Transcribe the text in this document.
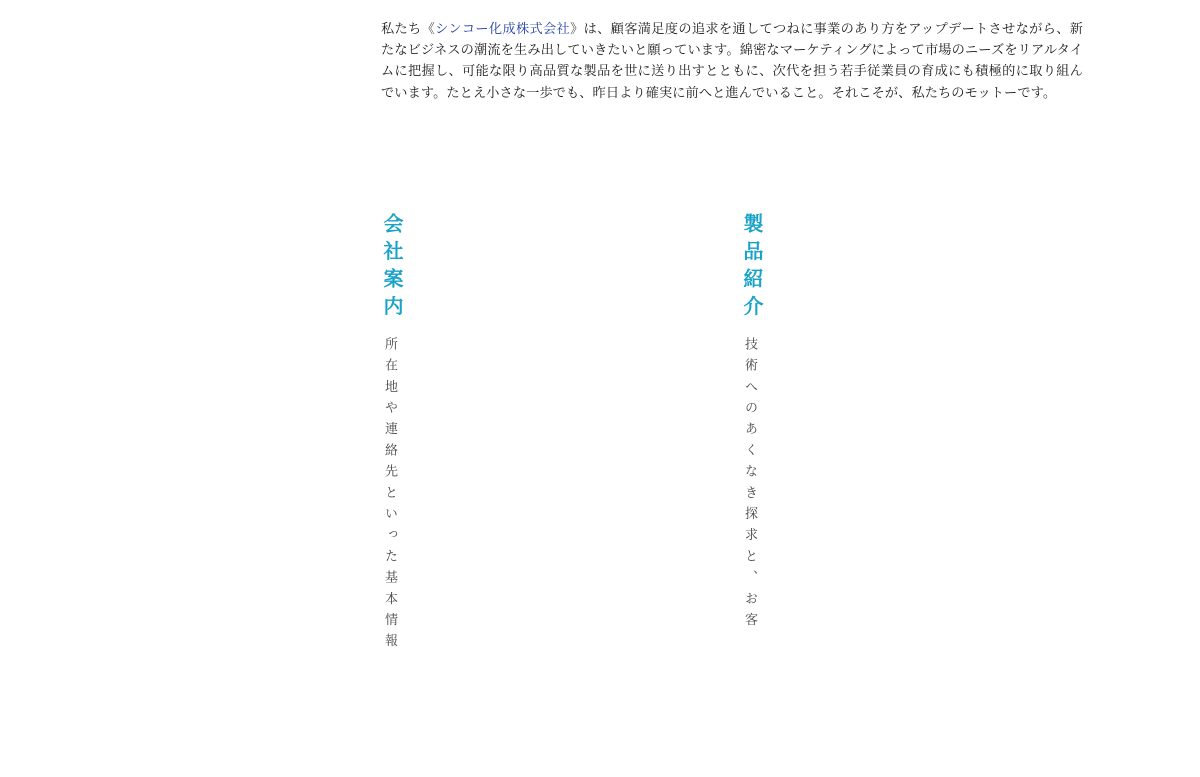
私たち《シンコー化成株式会社》は、顧客満足度の追求を通してつねに事業のあり方をアップデートさせながら、新たなビジネスの潮流を生み出していきたいと願っています。綿密なマーケティングによって市場のニーズをリアルタイムに把握し、可能な限り高品質な製品を世に送り出すとともに、次代を担う若手従業員の育成にも積極的に取り組んでいます。たとえ小さな一歩でも、昨日より確実に前へと進んでいること。それこそが、私たちのモットーです。

会社案内

所在地や連絡先といった基本情報

製品紹介

技術へのあくなき探求と、お客
